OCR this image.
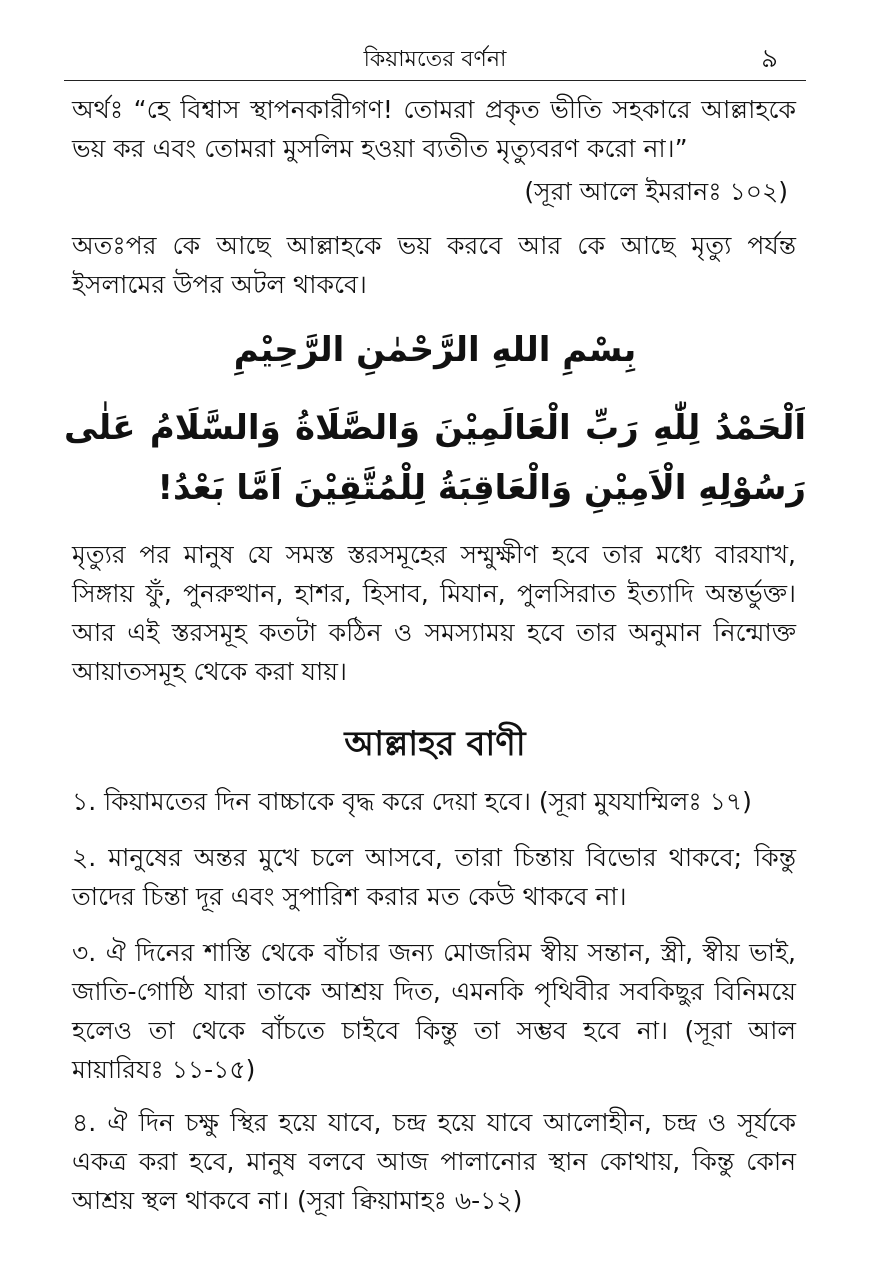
কিয়ামতের বর্ণনা	৯

অর্থঃ “হে বিশ্বাস স্থাপনকারীগণ! তোমরা প্রকৃত ভীতি সহকারে আল্লাহকে ভয় কর এবং তোমরা মুসলিম হওয়া ব্যতীত মৃত্যুবরণ করো না।”

(সূরা আলে ইমরানঃ ১০২)

অতঃপর কে আছে আল্লাহকে ভয় করবে আর কে আছে মৃত্যু পর্যন্ত ইসলামের উপর অটল থাকবে।

بِسْمِ اللهِ الرَّحْمٰنِ الرَّحِيْمِ
اَلْحَمْدُ لِلّٰهِ رَبِّ الْعَالَمِيْنَ وَالصَّلَاةُ وَالسَّلَامُ عَلٰى رَسُوْلِهِ الْاَمِيْنِ وَالْعَاقِبَةُ لِلْمُتَّقِيْنَ اَمَّا بَعْدُ!

মৃত্যুর পর মানুষ যে সমস্ত স্তরসমূহের সম্মুক্ষীণ হবে তার মধ্যে বারযাখ, সিঙ্গায় ফুঁ, পুনরুত্থান, হাশর, হিসাব, মিযান, পুলসিরাত ইত্যাদি অন্তর্ভুক্ত। আর এই স্তরসমূহ কতটা কঠিন ও সমস্যাময় হবে তার অনুমান নিন্মোক্ত আয়াতসমূহ থেকে করা যায়।

আল্লাহর বাণী

১. কিয়ামতের দিন বাচ্চাকে বৃদ্ধ করে দেয়া হবে। (সূরা মুযযাম্মিলঃ ১৭)

২. মানুষের অন্তর মুখে চলে আসবে, তারা চিন্তায় বিভোর থাকবে; কিন্তু তাদের চিন্তা দূর এবং সুপারিশ করার মত কেউ থাকবে না।

৩. ঐ দিনের শাস্তি থেকে বাঁচার জন্য মোজরিম স্বীয় সন্তান, স্ত্রী, স্বীয় ভাই, জাতি-গোষ্ঠি যারা তাকে আশ্রয় দিত, এমনকি পৃথিবীর সবকিছুর বিনিময়ে হলেও তা থেকে বাঁচতে চাইবে কিন্তু তা সম্ভব হবে না। (সূরা আল মায়ারিযঃ ১১-১৫)

৪. ঐ দিন চক্ষু স্থির হয়ে যাবে, চন্দ্র হয়ে যাবে আলোহীন, চন্দ্র ও সূর্যকে একত্র করা হবে, মানুষ বলবে আজ পালানোর স্থান কোথায়, কিন্তু কোন আশ্রয় স্থল থাকবে না। (সূরা ক্বিয়ামাহঃ ৬-১২)
